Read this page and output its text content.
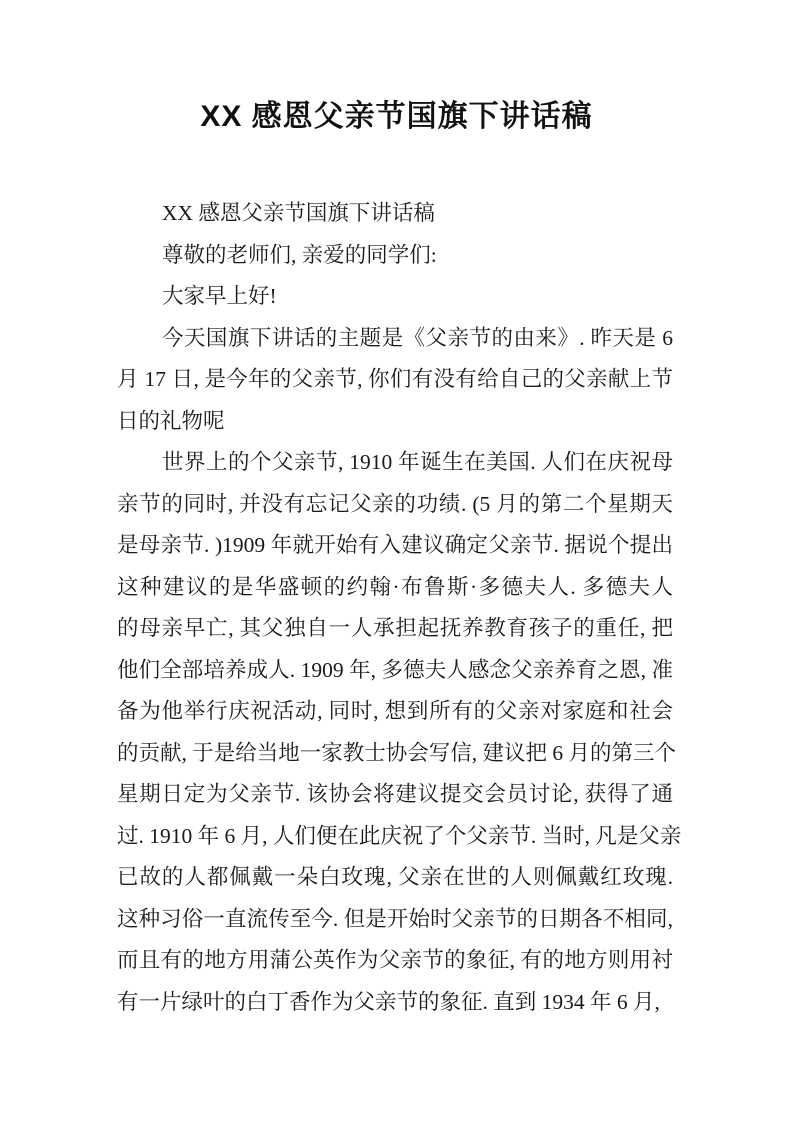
XX 感恩父亲节国旗下讲话稿
XX 感恩父亲节国旗下讲话稿
尊敬的老师们, 亲爱的同学们:
大家早上好!
今天国旗下讲话的主题是《父亲节的由来》. 昨天是 6
月 17 日, 是今年的父亲节, 你们有没有给自己的父亲献上节
日的礼物呢
世界上的个父亲节, 1910 年诞生在美国. 人们在庆祝母
亲节的同时, 并没有忘记父亲的功绩. (5 月的第二个星期天
是母亲节. )1909 年就开始有入建议确定父亲节. 据说个提出
这种建议的是华盛顿的约翰·布鲁斯·多德夫人. 多德夫人
的母亲早亡, 其父独自一人承担起抚养教育孩子的重任, 把
他们全部培养成人. 1909 年, 多德夫人感念父亲养育之恩, 准
备为他举行庆祝活动, 同时, 想到所有的父亲对家庭和社会
的贡献, 于是给当地一家教士协会写信, 建议把 6 月的第三个
星期日定为父亲节. 该协会将建议提交会员讨论, 获得了通
过. 1910 年 6 月, 人们便在此庆祝了个父亲节. 当时, 凡是父亲
已故的人都佩戴一朵白玫瑰, 父亲在世的人则佩戴红玫瑰.
这种习俗一直流传至今. 但是开始时父亲节的日期各不相同,
而且有的地方用蒲公英作为父亲节的象征, 有的地方则用衬
有一片绿叶的白丁香作为父亲节的象征. 直到 1934 年 6 月,
